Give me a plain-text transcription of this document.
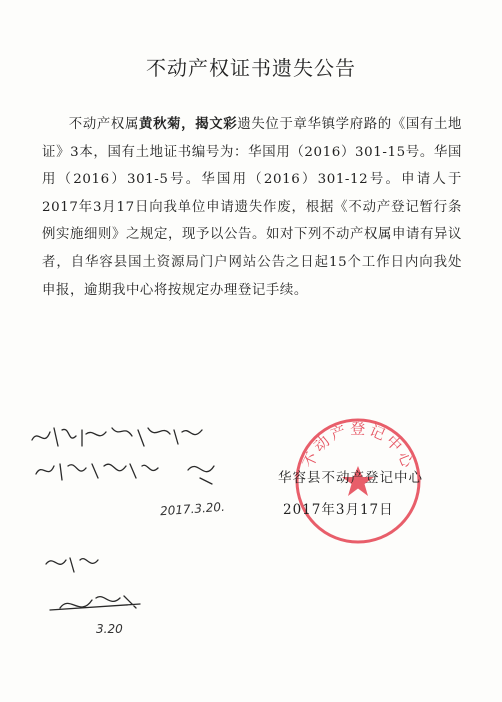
不动产权证书遗失公告

不动产权属黄秋菊，揭文彩遗失位于章华镇学府路的《国有土地证》3本，国有土地证书编号为：华国用（2016）301-15号。华国用（2016）301-5号。华国用（2016）301-12号。申请人于2017年3月17日向我单位申请遗失作废，根据《不动产登记暂行条例实施细则》之规定，现予以公告。如对下列不动产权属申请有异议者，自华容县国土资源局门户网站公告之日起15个工作日内向我处申报，逾期我中心将按规定办理登记手续。

不动产登记中心
华容县不动产登记中心
2017年3月17日
2017.3.20.
3.20
